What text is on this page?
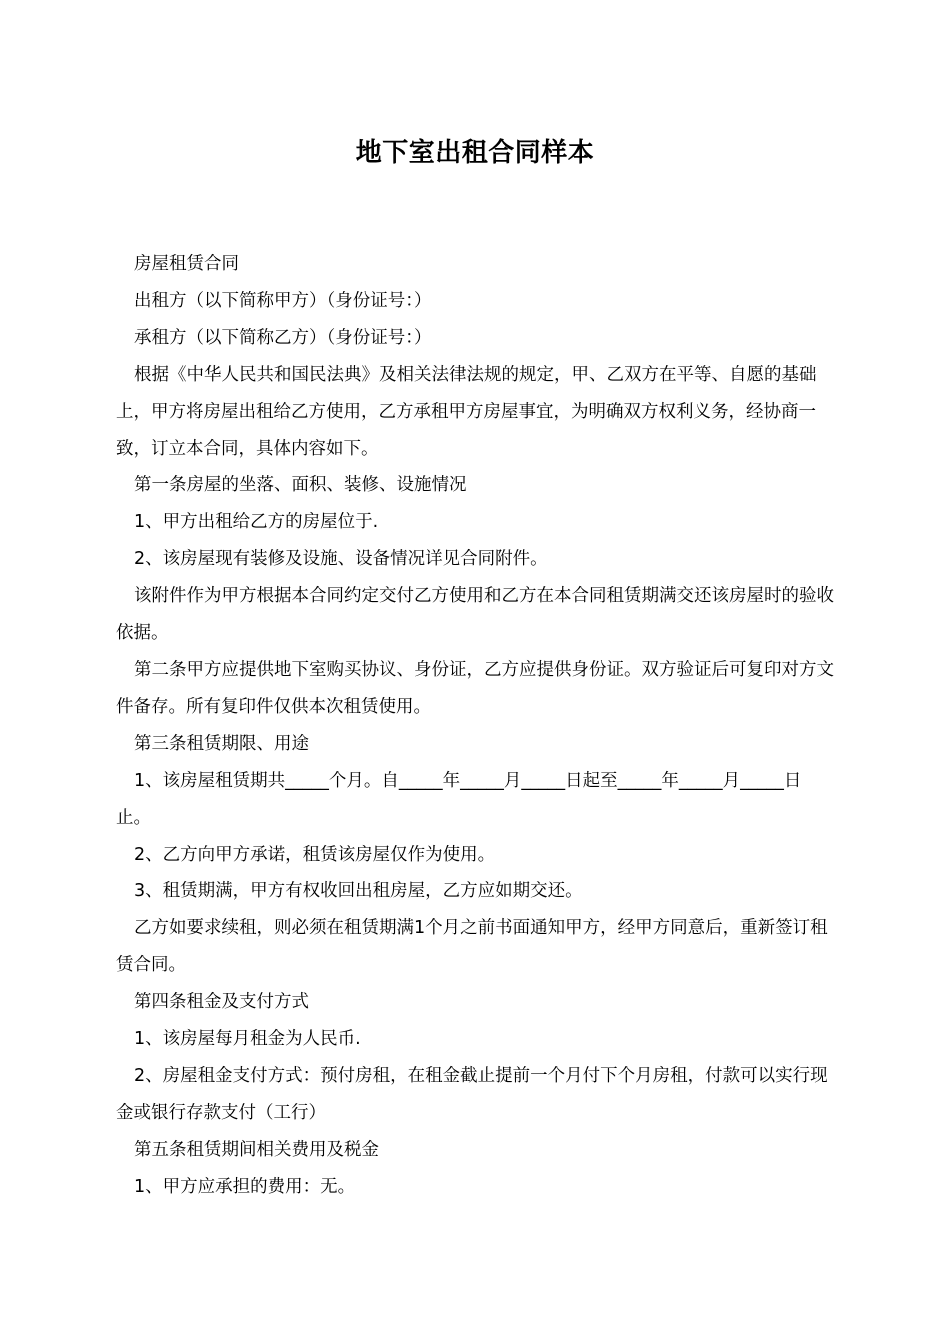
地下室出租合同样本

房屋租赁合同

出租方（以下简称甲方）（身份证号：）

承租方（以下简称乙方）（身份证号：）

根据《中华人民共和国民法典》及相关法律法规的规定，甲、乙双方在平等、自愿的基础上，甲方将房屋出租给乙方使用，乙方承租甲方房屋事宜，为明确双方权利义务，经协商一致，订立本合同，具体内容如下。

第一条房屋的坐落、面积、装修、设施情况

1、甲方出租给乙方的房屋位于.

2、该房屋现有装修及设施、设备情况详见合同附件。

该附件作为甲方根据本合同约定交付乙方使用和乙方在本合同租赁期满交还该房屋时的验收依据。

第二条甲方应提供地下室购买协议、身份证，乙方应提供身份证。双方验证后可复印对方文件备存。所有复印件仅供本次租赁使用。

第三条租赁期限、用途

1、该房屋租赁期共_____个月。自_____年_____月_____日起至_____年_____月_____日止。

2、乙方向甲方承诺，租赁该房屋仅作为使用。

3、租赁期满，甲方有权收回出租房屋，乙方应如期交还。

乙方如要求续租，则必须在租赁期满1个月之前书面通知甲方，经甲方同意后，重新签订租赁合同。

第四条租金及支付方式

1、该房屋每月租金为人民币.

2、房屋租金支付方式：预付房租，在租金截止提前一个月付下个月房租，付款可以实行现金或银行存款支付（工行）

第五条租赁期间相关费用及税金

1、甲方应承担的费用：无。
